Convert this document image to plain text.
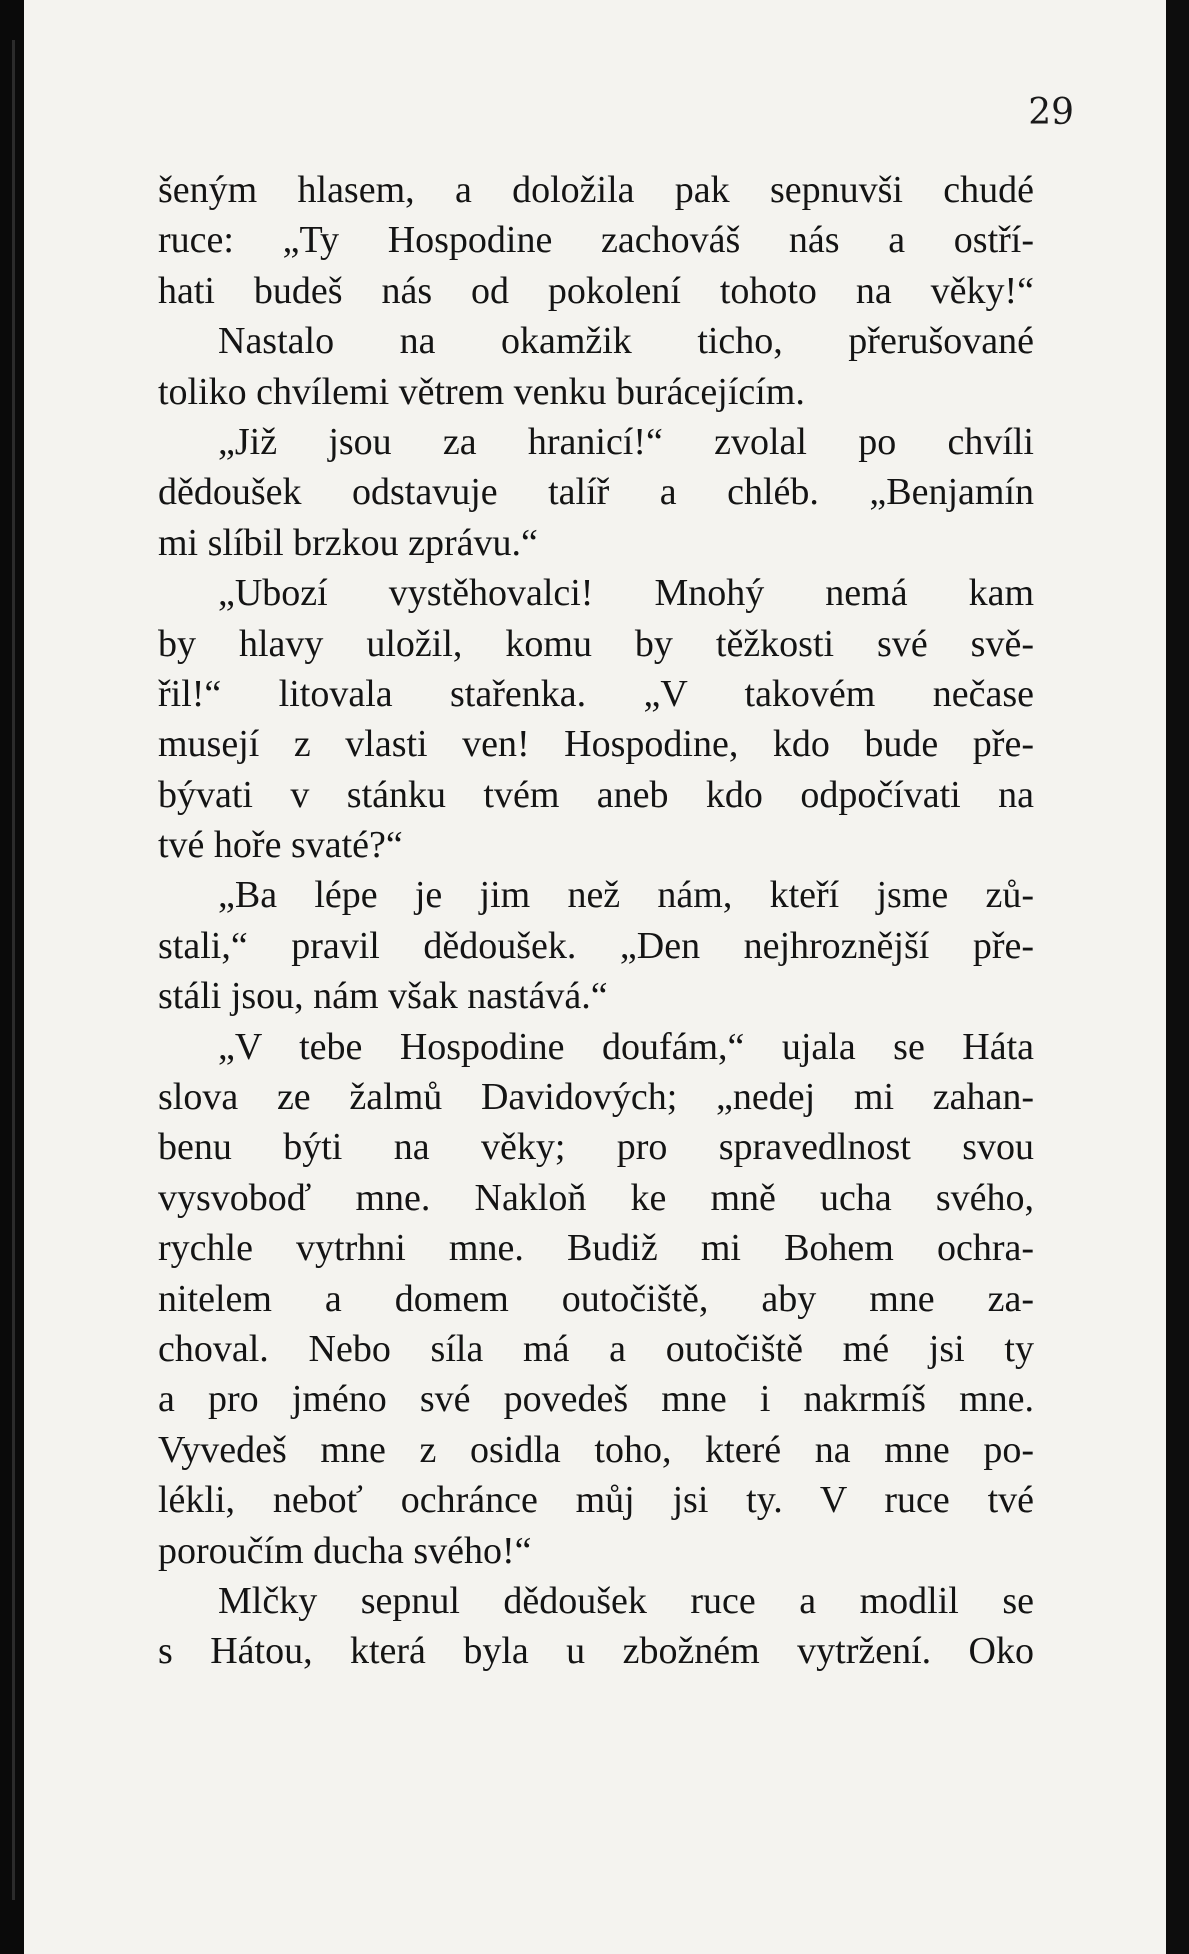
29
šeným hlasem, a doložila pak sepnuvši chudé
ruce: „Ty Hospodine zachováš nás a ostří-
hati budeš nás od pokolení tohoto na věky!“
Nastalo na okamžik ticho, přerušované
toliko chvílemi větrem venku burácejícím.
„Již jsou za hranicí!“ zvolal po chvíli
dědoušek odstavuje talíř a chléb. „Benjamín
mi slíbil brzkou zprávu.“
„Ubozí vystěhovalci! Mnohý nemá kam
by hlavy uložil, komu by těžkosti své svě-
řil!“ litovala stařenka. „V takovém nečase
musejí z vlasti ven! Hospodine, kdo bude pře-
bývati v stánku tvém aneb kdo odpočívati na
tvé hoře svaté?“
„Ba lépe je jim než nám, kteří jsme zů-
stali,“ pravil dědoušek. „Den nejhroznější pře-
stáli jsou, nám však nastává.“
„V tebe Hospodine doufám,“ ujala se Háta
slova ze žalmů Davidových; „nedej mi zahan-
benu býti na věky; pro spravedlnost svou
vysvoboď mne. Nakloň ke mně ucha svého,
rychle vytrhni mne. Budiž mi Bohem ochra-
nitelem a domem outočiště, aby mne za-
choval. Nebo síla má a outočiště mé jsi ty
a pro jméno své povedeš mne i nakrmíš mne.
Vyvedeš mne z osidla toho, které na mne po-
lékli, neboť ochránce můj jsi ty. V ruce tvé
poroučím ducha svého!“
Mlčky sepnul dědoušek ruce a modlil se
s Hátou, která byla u zbožném vytržení. Oko
